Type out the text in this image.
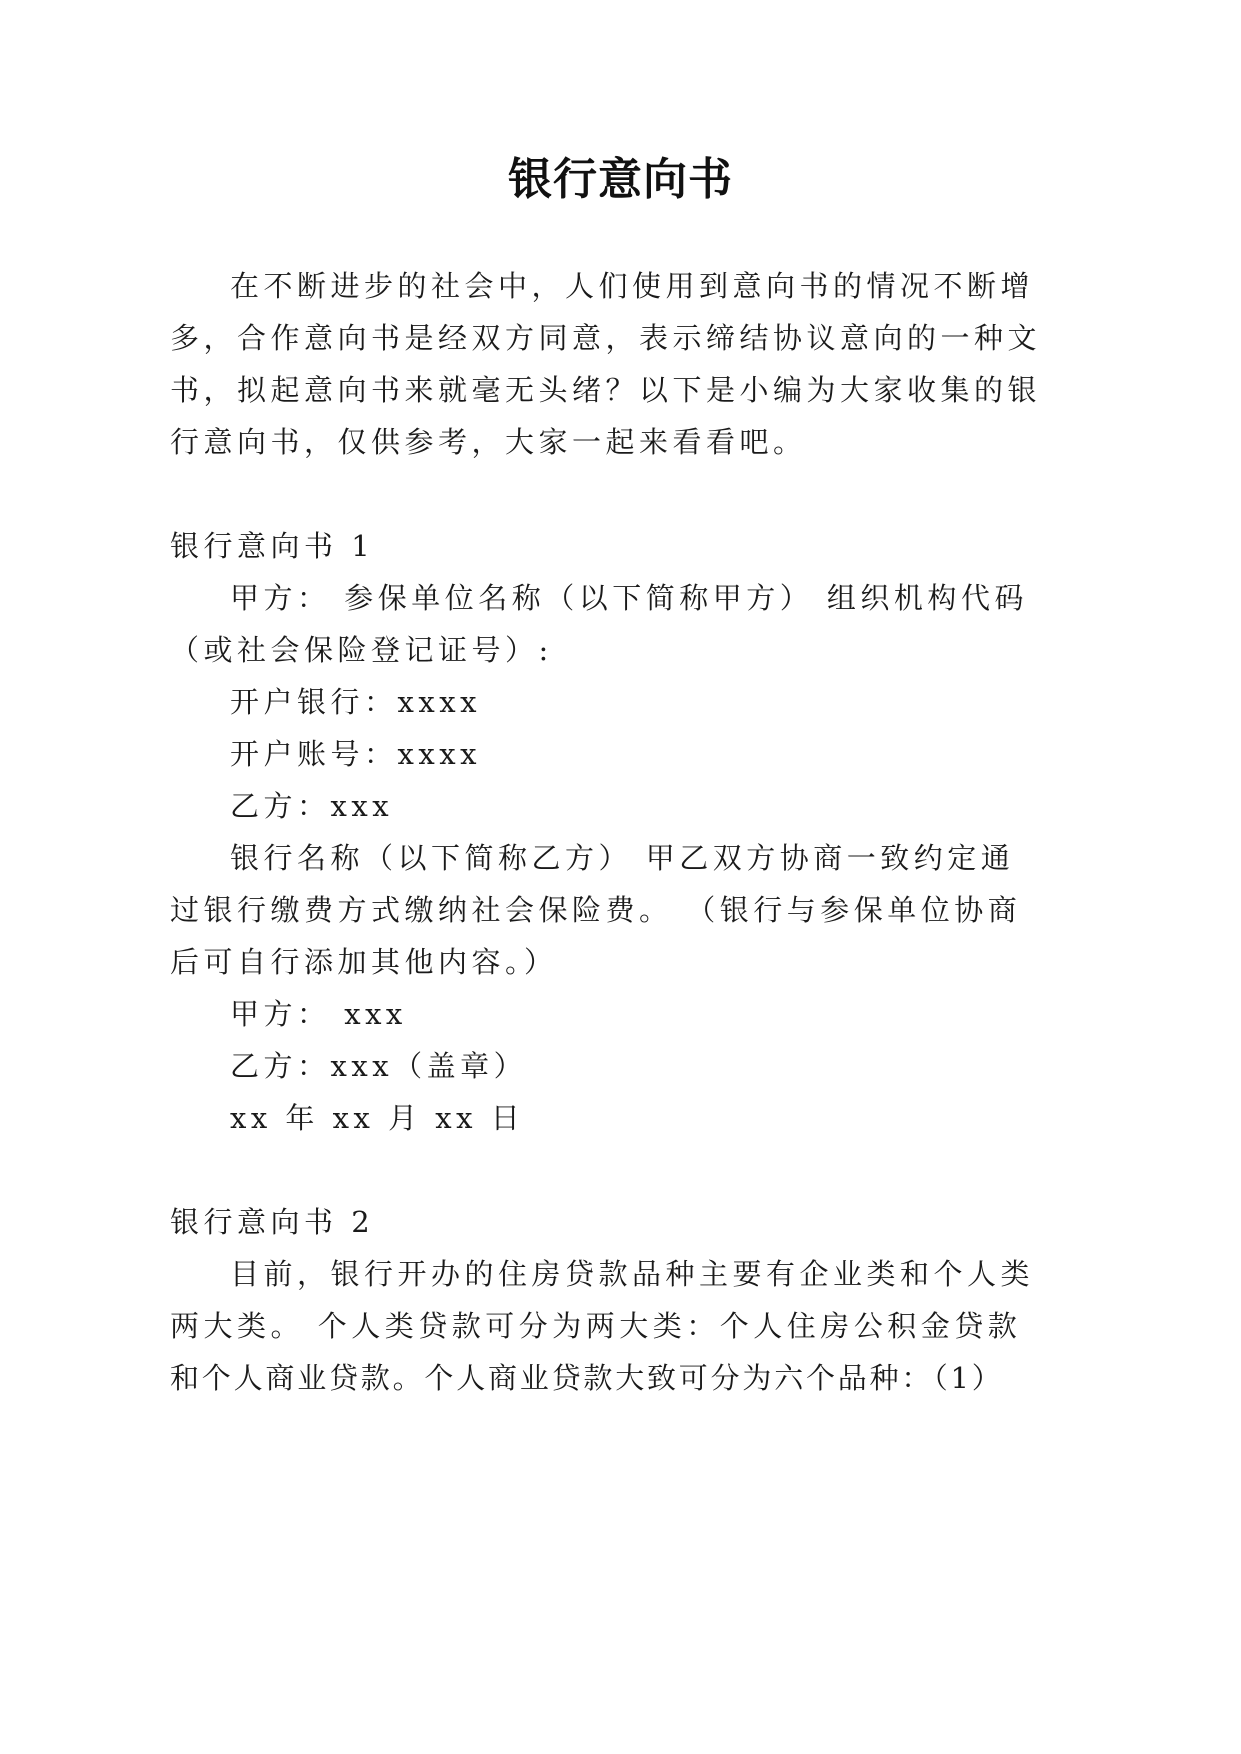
银行意向书
在不断进步的社会中，人们使用到意向书的情况不断增
多，合作意向书是经双方同意，表示缔结协议意向的一种文
书，拟起意向书来就毫无头绪？以下是小编为大家收集的银
行意向书，仅供参考，大家一起来看看吧。
银行意向书 1
甲方： 参保单位名称（以下简称甲方） 组织机构代码
（或社会保险登记证号）:
开户银行：xxxx
开户账号：xxxx
乙方：xxx
银行名称（以下简称乙方） 甲乙双方协商一致约定通
过银行缴费方式缴纳社会保险费。 （银行与参保单位协商
后可自行添加其他内容。）
甲方： xxx
乙方：xxx（盖章）
xx 年 xx 月 xx 日
银行意向书 2
目前，银行开办的住房贷款品种主要有企业类和个人类
两大类。 个人类贷款可分为两大类：个人住房公积金贷款
和个人商业贷款。个人商业贷款大致可分为六个品种：（1）
